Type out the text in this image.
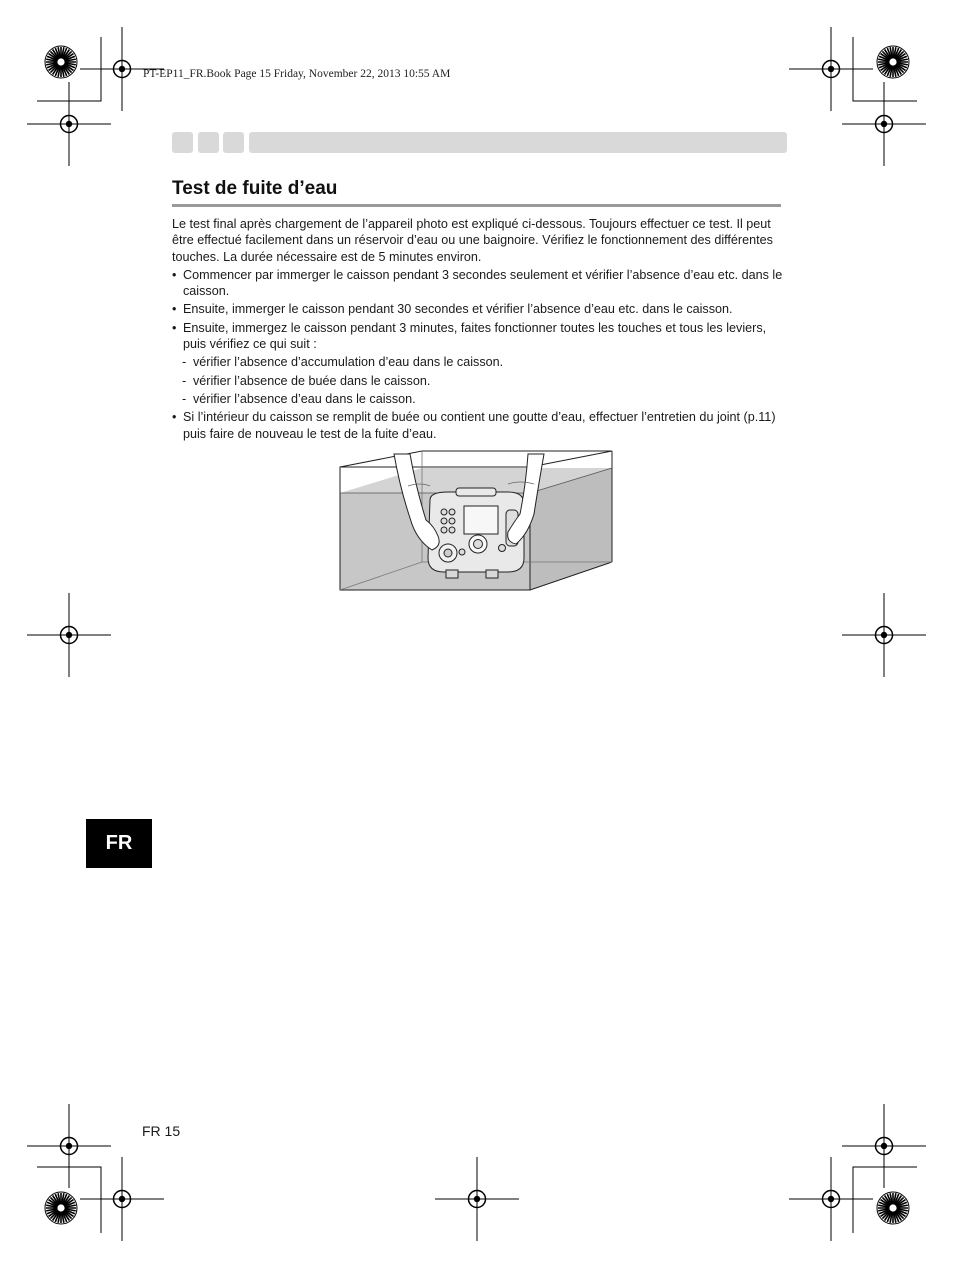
PT-EP11_FR.Book Page 15 Friday, November 22, 2013 10:55 AM
Test de fuite d’eau

Le test final après chargement de l’appareil photo est expliqué ci-dessous. Toujours effectuer ce test. Il peut être effectué facilement dans un réservoir d’eau ou une baignoire. Vérifiez le fonctionnement des différentes touches. La durée nécessaire est de 5 minutes environ.

• Commencer par immerger le caisson pendant 3 secondes seulement et vérifier l’absence d’eau etc. dans le caisson.
• Ensuite, immerger le caisson pendant 30 secondes et vérifier l’absence d’eau etc. dans le caisson.
• Ensuite, immergez le caisson pendant 3 minutes, faites fonctionner toutes les touches et tous les leviers, puis vérifiez ce qui suit :
- vérifier l’absence d’accumulation d’eau dans le caisson.
- vérifier l’absence de buée dans le caisson.
- vérifier l’absence d’eau dans le caisson.
• Si l’intérieur du caisson se remplit de buée ou contient une goutte d’eau, effectuer l’entretien du joint (p.11) puis faire de nouveau le test de la fuite d’eau.
FR
FR 15
